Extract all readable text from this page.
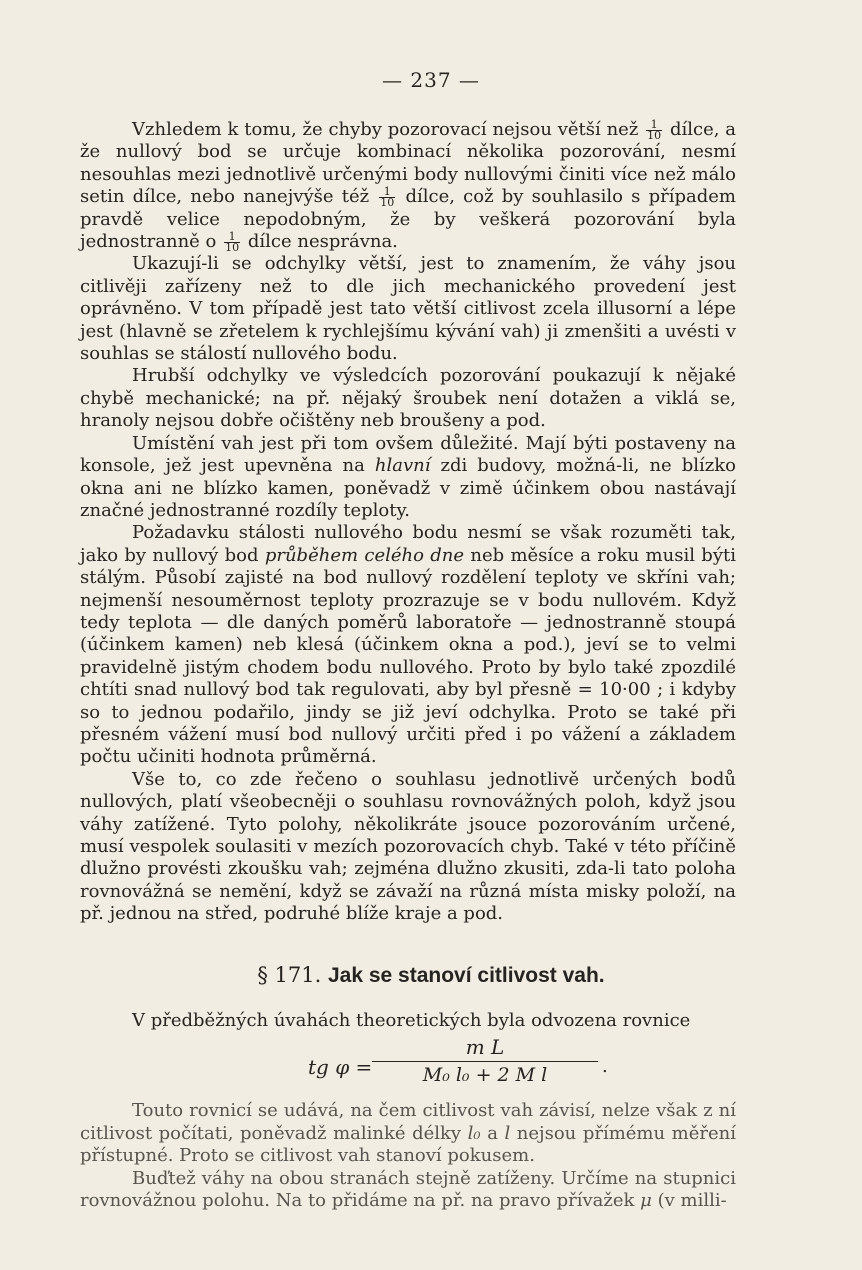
— 237 —

Vzhledem k tomu, že chyby pozorovací nejsou větší než $\frac{1}{10}$ dílce, a že nullový bod se určuje kombinací několika pozorování, nesmí nesouhlas mezi jednotlivě určenými body nullovými činiti více než málo setin dílce, nebo nanejvýše též $\frac{1}{10}$ dílce, což by souhlasilo s případem pravdě velice nepodobným, že by veškerá pozorování byla jednostranně o $\frac{1}{10}$ dílce nesprávna.

Ukazují-li se odchylky větší, jest to znamením, že váhy jsou citlivěji zařízeny než to dle jich mechanického provedení jest oprávněno. V tom případě jest tato větší citlivost zcela illusorní a lépe jest (hlavně se zřetelem k rychlejšímu kývání vah) ji zmenšiti a uvésti v souhlas se stálostí nullového bodu.

Hrubší odchylky ve výsledcích pozorování poukazují k nějaké chybě mechanické; na př. nějaký šroubek není dotažen a viklá se, hranoly nejsou dobře očištěny neb broušeny a pod.

Umístění vah jest při tom ovšem důležité. Mají býti postaveny na konsole, jež jest upevněna na hlavní zdi budovy, možná-li, ne blízko okna ani ne blízko kamen, poněvadž v zimě účinkem obou nastávají značné jednostranné rozdíly teploty.

Požadavku stálosti nullového bodu nesmí se však rozuměti tak, jako by nullový bod průběhem celého dne neb měsíce a roku musil býti stálým. Působí zajisté na bod nullový rozdělení teploty ve skříni vah; nejmenší nesouměrnost teploty prozrazuje se v bodu nullovém. Když tedy teplota — dle daných poměrů laboratoře — jednostranně stoupá (účinkem kamen) neb klesá (účinkem okna a pod.), jeví se to velmi pravidelně jistým chodem bodu nullového. Proto by bylo také zpozdilé chtíti snad nullový bod tak regulovati, aby byl přesně = 10·00 ; i kdyby so to jednou podařilo, jindy se již jeví odchylka. Proto se také při přesném vážení musí bod nullový určiti před i po vážení a základem počtu učiniti hodnota průměrná.

Vše to, co zde řečeno o souhlasu jednotlivě určených bodů nullových, platí všeobecněji o souhlasu rovnovážných poloh, když jsou váhy zatížené. Tyto polohy, několikráte jsouce pozorováním určené, musí vespolek soulasiti v mezích pozorovacích chyb. Také v této příčině dlužno provésti zkoušku vah; zejména dlužno zkusiti, zda-li tato poloha rovnovážná se nemění, když se závaží na různá místa misky položí, na př. jednou na střed, podruhé blíže kraje a pod.

§ 171. Jak se stanoví citlivost vah.

V předběžných úvahách theoretických byla odvozena rovnice

tg $\varphi = \frac{\text{m L}}{\text{M₀ l₀ + 2 M l}}$ .

Touto rovnicí se udává, na čem citlivost vah závisí, nelze však z ní citlivost počítati, poněvadž malinké délky l₀ a l nejsou přímému měření přístupné. Proto se citlivost vah stanoví pokusem.

Buďtež váhy na obou stranách stejně zatíženy. Určíme na stupnici rovnovážnou polohu. Na to přidáme na př. na pravo přívažek μ (v milli-
